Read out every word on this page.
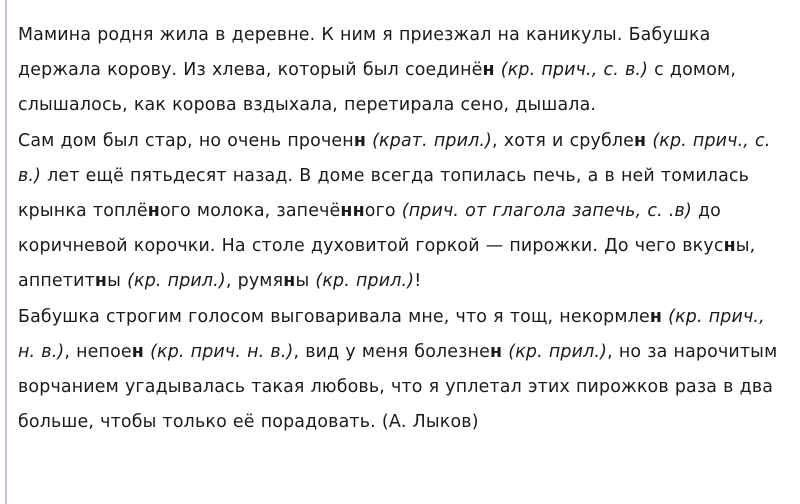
Мамина родня жила в деревне. К ним я приезжал на каникулы. Бабушка держала корову. Из хлева, который был соединён (кр. прич., с. в.) с домом, слышалось, как корова вздыхала, перетирала сено, дышала.

Сам дом был стар, но очень проченн (крат. прил.), хотя и срублен (кр. прич., с. в.) лет ещё пятьдесят назад. В доме всегда топилась печь, а в ней томилась крынка топлёного молока, запечённого (прич. от глагола запечь, с. .в) до коричневой корочки. На столе духовитой горкой — пирожки. До чего вкусны, аппетитны (кр. прил.), румяны (кр. прил.)!

Бабушка строгим голосом выговаривала мне, что я тощ, некормлен (кр. прич., н. в.), непоен (кр. прич. н. в.), вид у меня болезнен (кр. прил.), но за нарочитым ворчанием угадывалась такая любовь, что я уплетал этих пирожков раза в два больше, чтобы только её порадовать. (А. Лыков)
